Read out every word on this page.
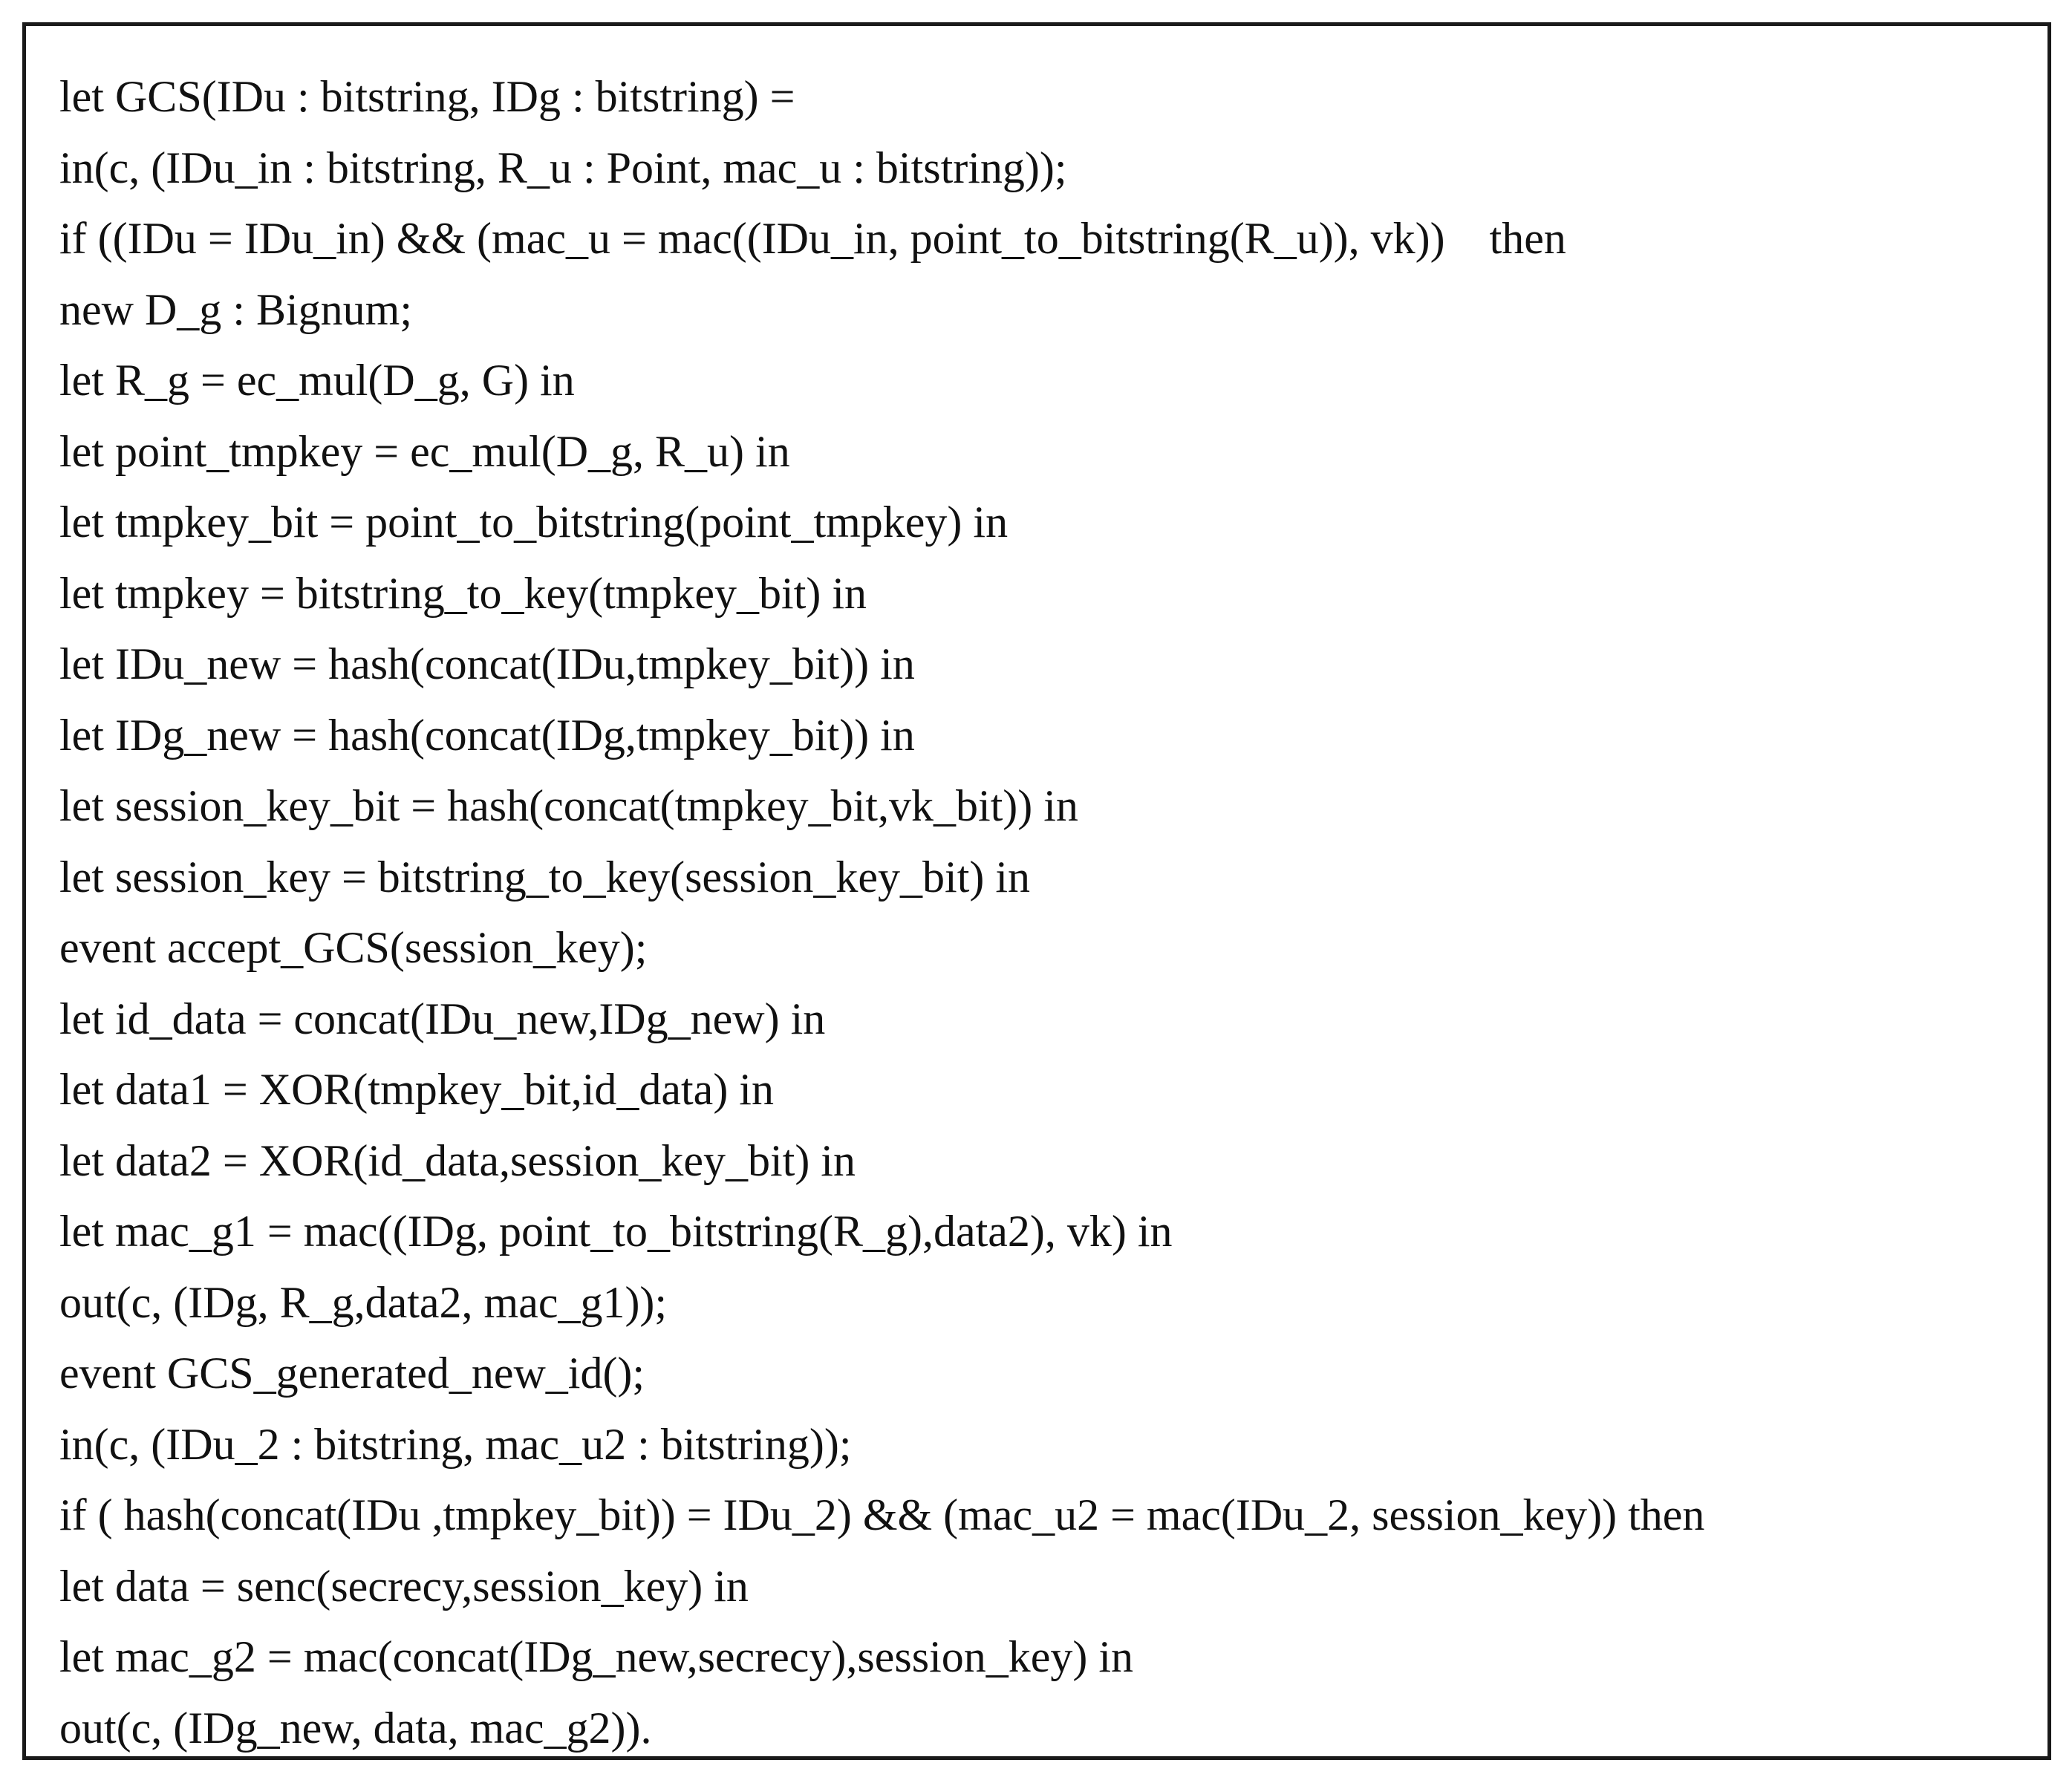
let GCS(IDu : bitstring, IDg : bitstring) =
in(c, (IDu_in : bitstring, R_u : Point, mac_u : bitstring));
if ((IDu = IDu_in) && (mac_u = mac((IDu_in, point_to_bitstring(R_u)), vk))    then
new D_g : Bignum;
let R_g = ec_mul(D_g, G) in
let point_tmpkey = ec_mul(D_g, R_u) in
let tmpkey_bit = point_to_bitstring(point_tmpkey) in
let tmpkey = bitstring_to_key(tmpkey_bit) in
let IDu_new = hash(concat(IDu,tmpkey_bit)) in
let IDg_new = hash(concat(IDg,tmpkey_bit)) in
let session_key_bit = hash(concat(tmpkey_bit,vk_bit)) in
let session_key = bitstring_to_key(session_key_bit) in
event accept_GCS(session_key);
let id_data = concat(IDu_new,IDg_new) in
let data1 = XOR(tmpkey_bit,id_data) in
let data2 = XOR(id_data,session_key_bit) in
let mac_g1 = mac((IDg, point_to_bitstring(R_g),data2), vk) in
out(c, (IDg, R_g,data2, mac_g1));
event GCS_generated_new_id();
in(c, (IDu_2 : bitstring, mac_u2 : bitstring));
if ( hash(concat(IDu ,tmpkey_bit)) = IDu_2) && (mac_u2 = mac(IDu_2, session_key)) then
let data = senc(secrecy,session_key) in
let mac_g2 = mac(concat(IDg_new,secrecy),session_key) in
out(c, (IDg_new, data, mac_g2)).
